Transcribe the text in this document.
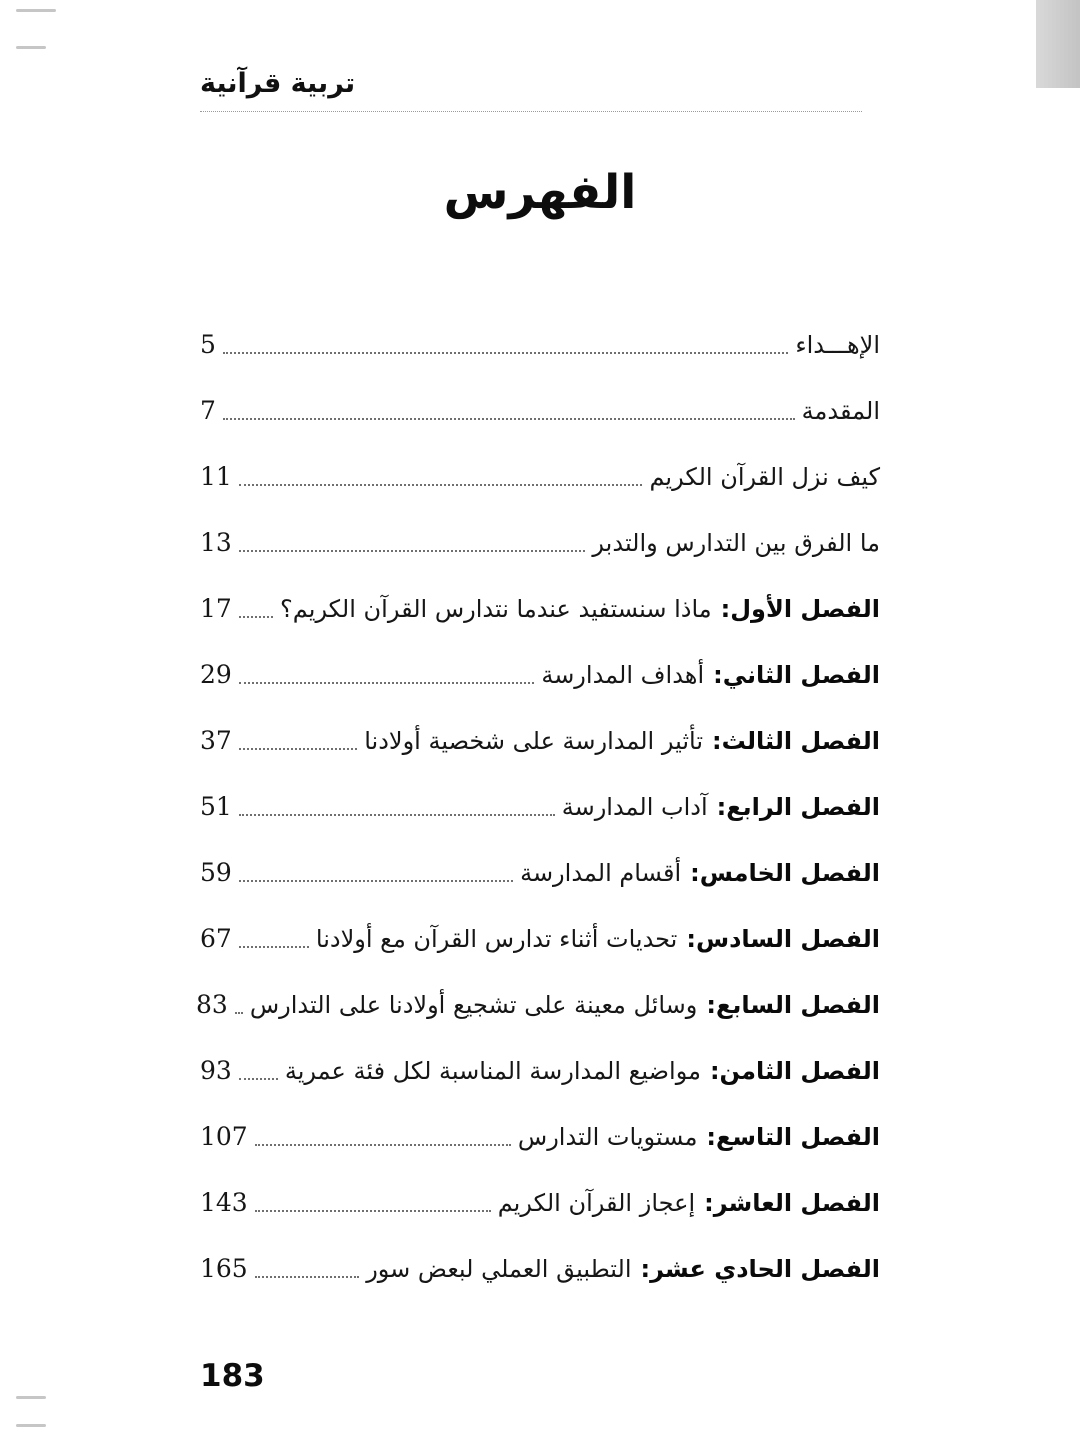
تربية قرآنية
الفهرس
الإهـــداء
5
المقدمة
7
كيف نزل القرآن الكريم
11
ما الفرق بين التدارس والتدبر
13
الفصل الأول:ماذا سنستفيد عندما نتدارس القرآن الكريم؟
17
الفصل الثاني:أهداف المدارسة
29
الفصل الثالث:تأثير المدارسة على شخصية أولادنا
37
الفصل الرابع:آداب المدارسة
51
الفصل الخامس:أقسام المدارسة
59
الفصل السادس:تحديات أثناء تدارس القرآن مع أولادنا
67
الفصل السابع:وسائل معينة على تشجيع أولادنا على التدارس
83
الفصل الثامن:مواضيع المدارسة المناسبة لكل فئة عمرية
93
الفصل التاسع:مستويات التدارس
107
الفصل العاشر:إعجاز القرآن الكريم
143
الفصل الحادي عشر:التطبيق العملي لبعض سور
165
183
